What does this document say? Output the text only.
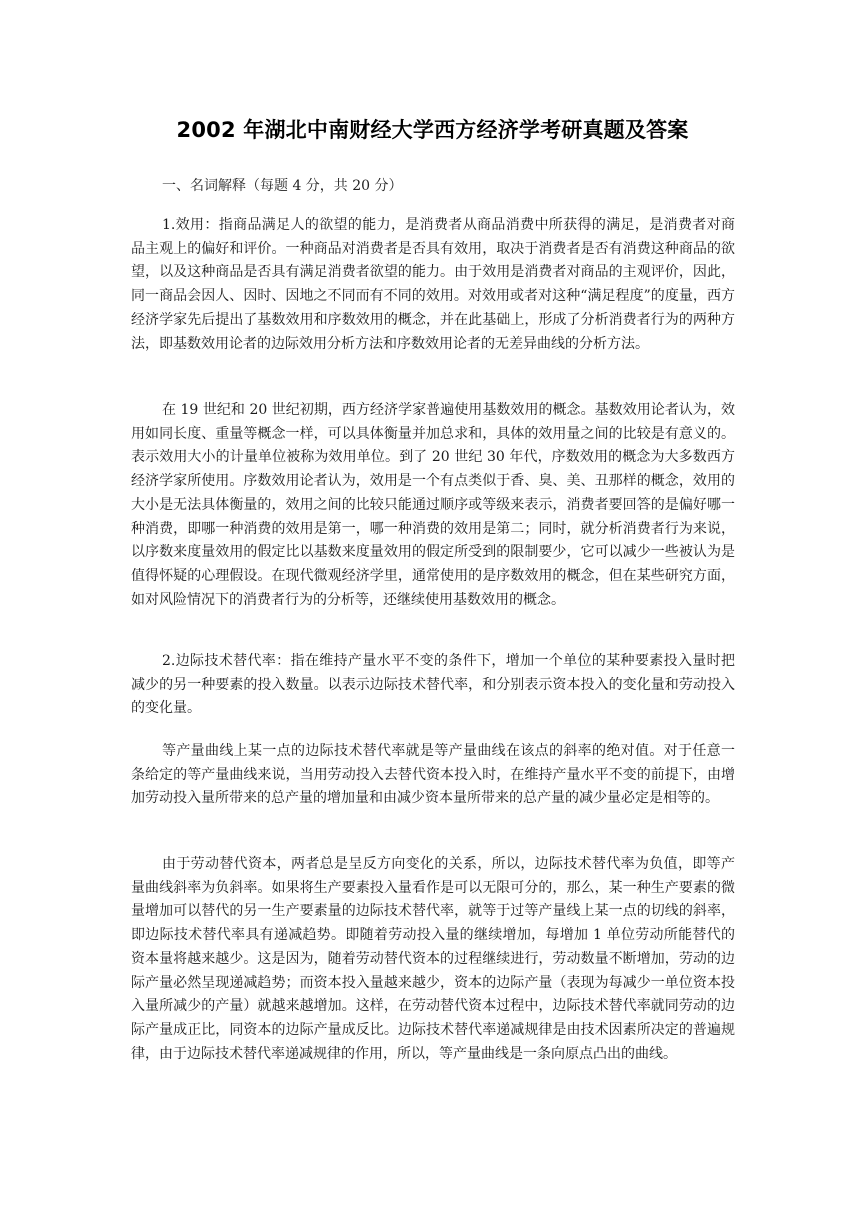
2002 年湖北中南财经大学西方经济学考研真题及答案
一、名词解释（每题 4 分，共 20 分）

1.效用：指商品满足人的欲望的能力，是消费者从商品消费中所获得的满足，是消费者对商品主观上的偏好和评价。一种商品对消费者是否具有效用，取决于消费者是否有消费这种商品的欲望，以及这种商品是否具有满足消费者欲望的能力。由于效用是消费者对商品的主观评价，因此，同一商品会因人、因时、因地之不同而有不同的效用。对效用或者对这种“满足程度”的度量，西方经济学家先后提出了基数效用和序数效用的概念，并在此基础上，形成了分析消费者行为的两种方法，即基数效用论者的边际效用分析方法和序数效用论者的无差异曲线的分析方法。

在 19 世纪和 20 世纪初期，西方经济学家普遍使用基数效用的概念。基数效用论者认为，效用如同长度、重量等概念一样，可以具体衡量并加总求和，具体的效用量之间的比较是有意义的。表示效用大小的计量单位被称为效用单位。到了 20 世纪 30 年代，序数效用的概念为大多数西方经济学家所使用。序数效用论者认为，效用是一个有点类似于香、臭、美、丑那样的概念，效用的大小是无法具体衡量的，效用之间的比较只能通过顺序或等级来表示，消费者要回答的是偏好哪一种消费，即哪一种消费的效用是第一，哪一种消费的效用是第二；同时，就分析消费者行为来说，以序数来度量效用的假定比以基数来度量效用的假定所受到的限制要少，它可以减少一些被认为是值得怀疑的心理假设。在现代微观经济学里，通常使用的是序数效用的概念，但在某些研究方面，如对风险情况下的消费者行为的分析等，还继续使用基数效用的概念。

2.边际技术替代率：指在维持产量水平不变的条件下，增加一个单位的某种要素投入量时把减少的另一种要素的投入数量。以表示边际技术替代率，和分别表示资本投入的变化量和劳动投入的变化量。

等产量曲线上某一点的边际技术替代率就是等产量曲线在该点的斜率的绝对值。对于任意一条给定的等产量曲线来说，当用劳动投入去替代资本投入时，在维持产量水平不变的前提下，由增加劳动投入量所带来的总产量的增加量和由减少资本量所带来的总产量的减少量必定是相等的。

由于劳动替代资本，两者总是呈反方向变化的关系，所以，边际技术替代率为负值，即等产量曲线斜率为负斜率。如果将生产要素投入量看作是可以无限可分的，那么，某一种生产要素的微量增加可以替代的另一生产要素量的边际技术替代率，就等于过等产量线上某一点的切线的斜率，即边际技术替代率具有递减趋势。即随着劳动投入量的继续增加，每增加 1 单位劳动所能替代的资本量将越来越少。这是因为，随着劳动替代资本的过程继续进行，劳动数量不断增加，劳动的边际产量必然呈现递减趋势；而资本投入量越来越少，资本的边际产量（表现为每减少一单位资本投入量所减少的产量）就越来越增加。这样，在劳动替代资本过程中，边际技术替代率就同劳动的边际产量成正比，同资本的边际产量成反比。边际技术替代率递减规律是由技术因素所决定的普遍规律，由于边际技术替代率递减规律的作用，所以，等产量曲线是一条向原点凸出的曲线。
